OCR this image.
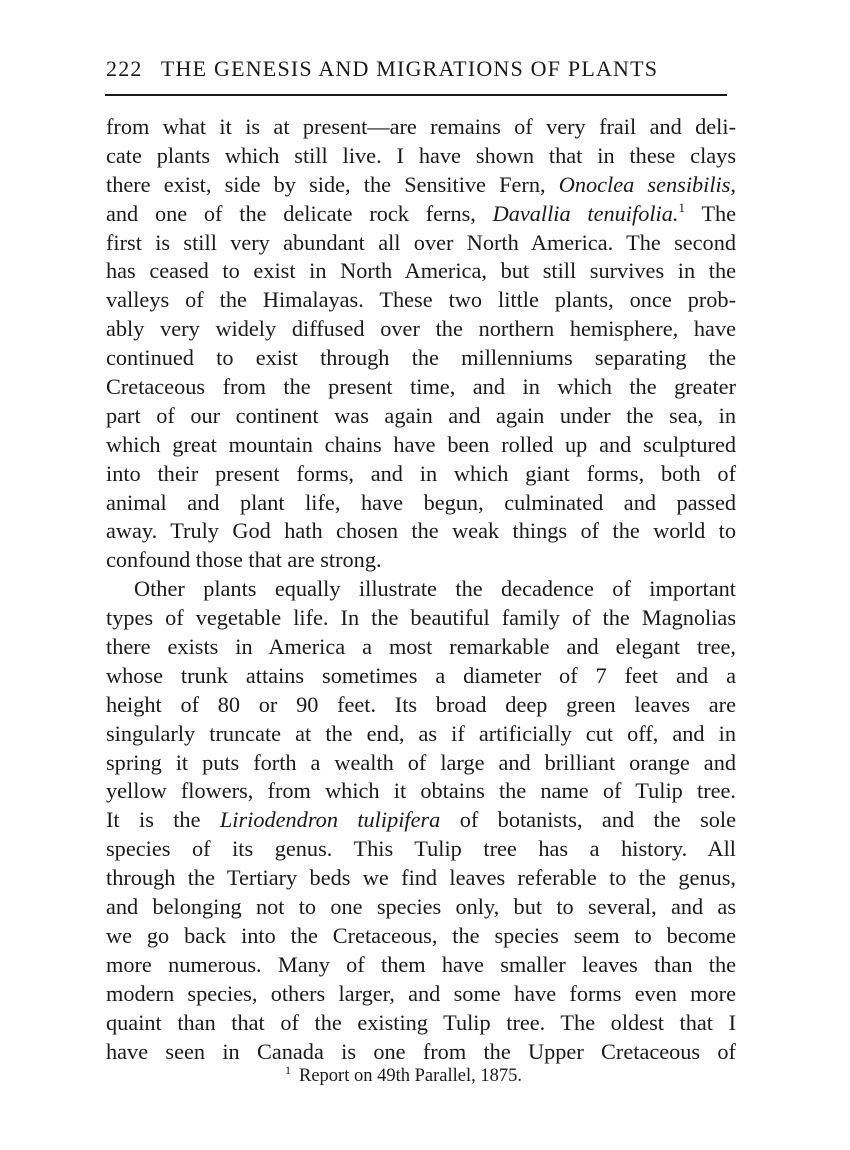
222 THE GENESIS AND MIGRATIONS OF PLANTS
from what it is at present—are remains of very frail and deli-
cate plants which still live. I have shown that in these clays
there exist, side by side, the Sensitive Fern, Onoclea sensibilis,
and one of the delicate rock ferns, Davallia tenuifolia.$^1$ The
first is still very abundant all over North America. The second
has ceased to exist in North America, but still survives in the
valleys of the Himalayas. These two little plants, once prob-
ably very widely diffused over the northern hemisphere, have
continued to exist through the millenniums separating the
Cretaceous from the present time, and in which the greater
part of our continent was again and again under the sea, in
which great mountain chains have been rolled up and sculptured
into their present forms, and in which giant forms, both of
animal and plant life, have begun, culminated and passed
away. Truly God hath chosen the weak things of the world to
confound those that are strong.
Other plants equally illustrate the decadence of important
types of vegetable life. In the beautiful family of the Magnolias
there exists in America a most remarkable and elegant tree,
whose trunk attains sometimes a diameter of 7 feet and a
height of 80 or 90 feet. Its broad deep green leaves are
singularly truncate at the end, as if artificially cut off, and in
spring it puts forth a wealth of large and brilliant orange and
yellow flowers, from which it obtains the name of Tulip tree.
It is the Liriodendron tulipifera of botanists, and the sole
species of its genus. This Tulip tree has a history. All
through the Tertiary beds we find leaves referable to the genus,
and belonging not to one species only, but to several, and as
we go back into the Cretaceous, the species seem to become
more numerous. Many of them have smaller leaves than the
modern species, others larger, and some have forms even more
quaint than that of the existing Tulip tree. The oldest that I
have seen in Canada is one from the Upper Cretaceous of
$^1$ Report on 49th Parallel, 1875.
